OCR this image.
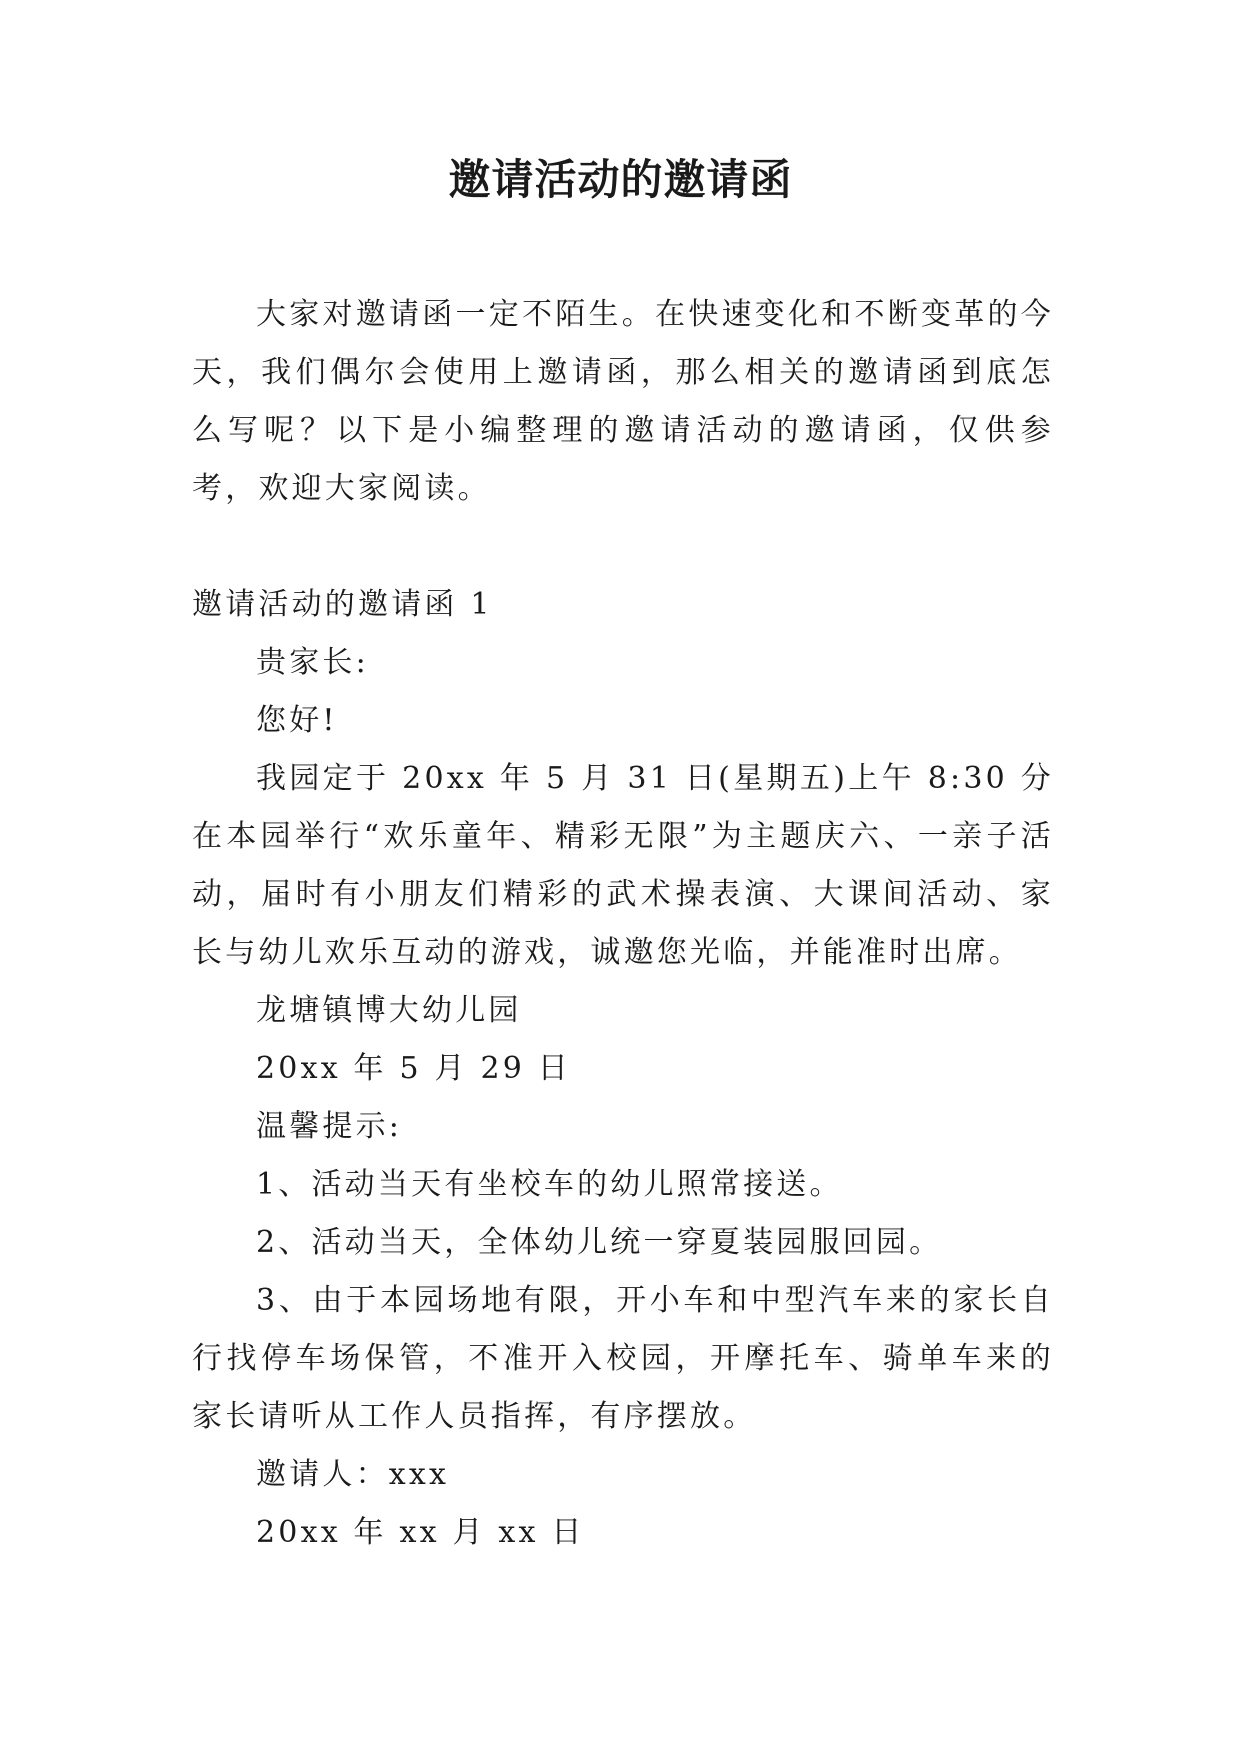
邀请活动的邀请函

大家对邀请函一定不陌生。在快速变化和不断变革的今天，我们偶尔会使用上邀请函，那么相关的邀请函到底怎么写呢？以下是小编整理的邀请活动的邀请函，仅供参考，欢迎大家阅读。

邀请活动的邀请函 1

贵家长:

您好!

我园定于 20xx 年 5 月 31 日(星期五)上午 8:30 分在本园举行“欢乐童年、精彩无限”为主题庆六、一亲子活动，届时有小朋友们精彩的武术操表演、大课间活动、家长与幼儿欢乐互动的游戏，诚邀您光临，并能准时出席。

龙塘镇博大幼儿园

20xx 年 5 月 29 日

温馨提示:

1、活动当天有坐校车的幼儿照常接送。

2、活动当天，全体幼儿统一穿夏装园服回园。

3、由于本园场地有限，开小车和中型汽车来的家长自行找停车场保管，不准开入校园，开摩托车、骑单车来的家长请听从工作人员指挥，有序摆放。

邀请人：xxx

20xx 年 xx 月 xx 日
